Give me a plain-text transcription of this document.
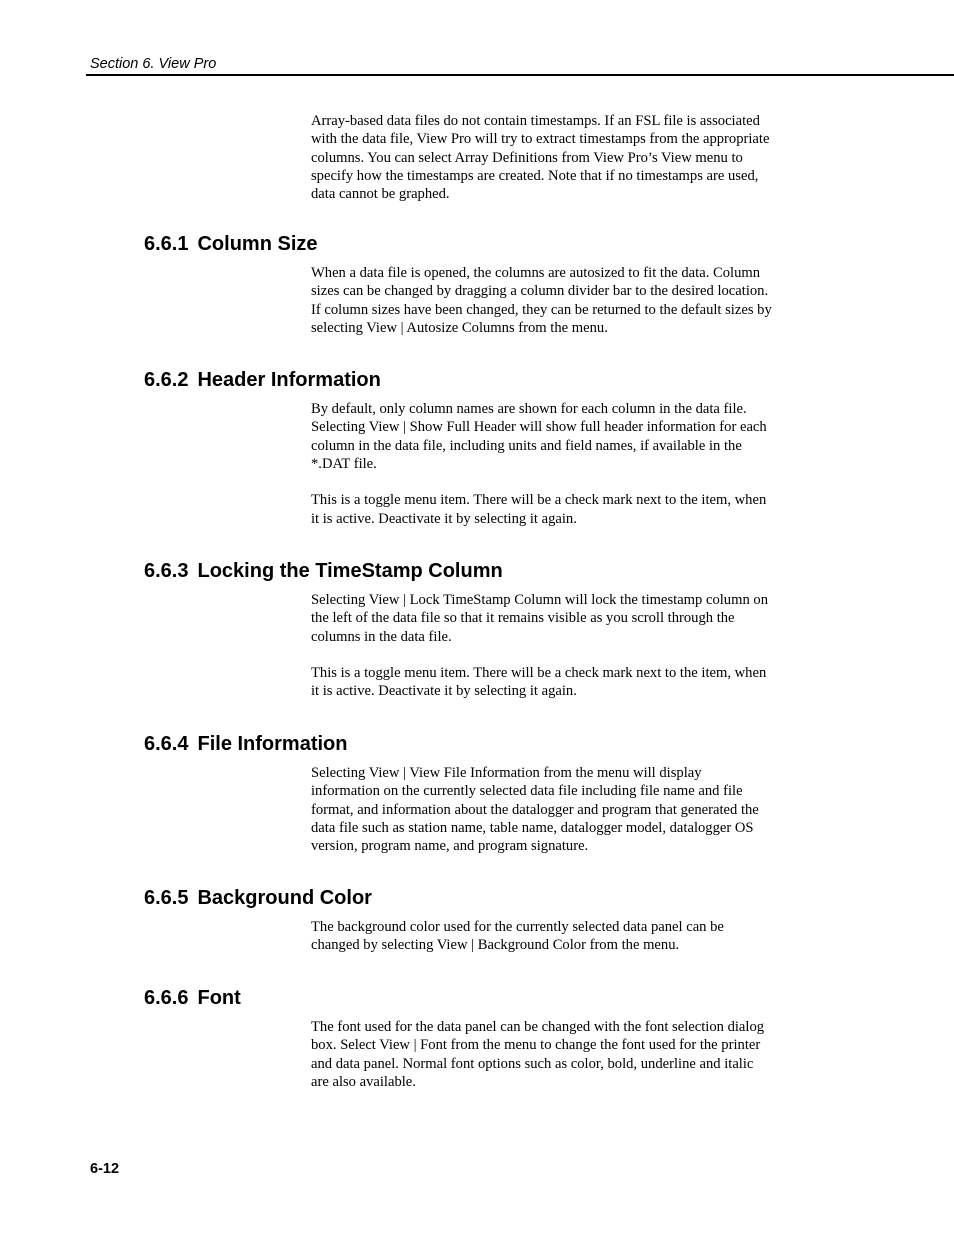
Section 6. View Pro

Array-based data files do not contain timestamps. If an FSL file is associated
with the data file, View Pro will try to extract timestamps from the appropriate
columns. You can select Array Definitions from View Pro’s View menu to
specify how the timestamps are created. Note that if no timestamps are used,
data cannot be graphed.

6.6.1 Column Size

When a data file is opened, the columns are autosized to fit the data. Column
sizes can be changed by dragging a column divider bar to the desired location.
If column sizes have been changed, they can be returned to the default sizes by
selecting View | Autosize Columns from the menu.

6.6.2 Header Information

By default, only column names are shown for each column in the data file.
Selecting View | Show Full Header will show full header information for each
column in the data file, including units and field names, if available in the
*.DAT file.

This is a toggle menu item. There will be a check mark next to the item, when
it is active. Deactivate it by selecting it again.

6.6.3 Locking the TimeStamp Column

Selecting View | Lock TimeStamp Column will lock the timestamp column on
the left of the data file so that it remains visible as you scroll through the
columns in the data file.

This is a toggle menu item. There will be a check mark next to the item, when
it is active. Deactivate it by selecting it again.

6.6.4 File Information

Selecting View | View File Information from the menu will display
information on the currently selected data file including file name and file
format, and information about the datalogger and program that generated the
data file such as station name, table name, datalogger model, datalogger OS
version, program name, and program signature.

6.6.5 Background Color

The background color used for the currently selected data panel can be
changed by selecting View | Background Color from the menu.

6.6.6 Font

The font used for the data panel can be changed with the font selection dialog
box. Select View | Font from the menu to change the font used for the printer
and data panel. Normal font options such as color, bold, underline and italic
are also available.

6-12
